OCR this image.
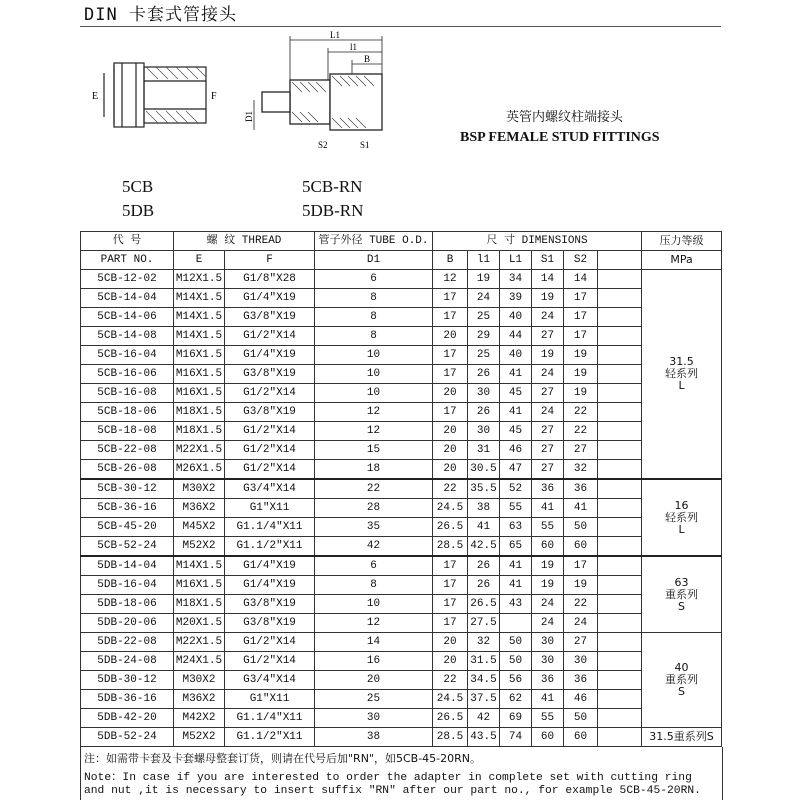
DIN 卡套式管接头
E	F
L1
l1
B
D1
S2	S1
5CB
5DB
5CB-RN
5DB-RN
英管内螺纹柱端接头
BSP FEMALE STUD FITTINGS
代 号	螺 纹 THREAD		管子外径 TUBE O.D.	尺 寸 DIMENSIONS						压力等级
PART NO.	E	F	D1	B	l1	L1	S1	S2		MPa
5CB-12-02	M12X1.5	G1/8"X28	6	12	19	34	14	14		31.5
轻系列
L
5CB-14-04	M14X1.5	G1/4"X19	8	17	24	39	19	17		
5CB-14-06	M14X1.5	G3/8"X19	8	17	25	40	24	17		
5CB-14-08	M14X1.5	G1/2"X14	8	20	29	44	27	17		
5CB-16-04	M16X1.5	G1/4"X19	10	17	25	40	19	19		
5CB-16-06	M16X1.5	G3/8"X19	10	17	26	41	24	19		
5CB-16-08	M16X1.5	G1/2"X14	10	20	30	45	27	19		
5CB-18-06	M18X1.5	G3/8"X19	12	17	26	41	24	22		
5CB-18-08	M18X1.5	G1/2"X14	12	20	30	45	27	22		
5CB-22-08	M22X1.5	G1/2"X14	15	20	31	46	27	27		
5CB-26-08	M26X1.5	G1/2"X14	18	20	30.5	47	27	32		
5CB-30-12	M30X2	G3/4"X14	22	22	35.5	52	36	36		16
轻系列
L
5CB-36-16	M36X2	G1"X11	28	24.5	38	55	41	41		
5CB-45-20	M45X2	G1.1/4"X11	35	26.5	41	63	55	50		
5CB-52-24	M52X2	G1.1/2"X11	42	28.5	42.5	65	60	60		
5DB-14-04	M14X1.5	G1/4"X19	6	17	26	41	19	17		63
重系列
S
5DB-16-04	M16X1.5	G1/4"X19	8	17	26	41	19	19		
5DB-18-06	M18X1.5	G3/8"X19	10	17	26.5	43	24	22		
5DB-20-06	M20X1.5	G3/8"X19	12	17	27.5		24	24		
5DB-22-08	M22X1.5	G1/2"X14	14	20	32	50	30	27		40
重系列
S
5DB-24-08	M24X1.5	G1/2"X14	16	20	31.5	50	30	30		
5DB-30-12	M30X2	G3/4"X14	20	22	34.5	56	36	36		
5DB-36-16	M36X2	G1"X11	25	24.5	37.5	62	41	46		
5DB-42-20	M42X2	G1.1/4"X11	30	26.5	42	69	55	50		
5DB-52-24	M52X2	G1.1/2"X11	38	28.5	43.5	74	60	60		31.5重系列S
注：如需带卡套及卡套螺母整套订货，则请在代号后加"RN"，如5CB-45-20RN。
Note：In case if you are interested to order the adapter in complete set with cutting ring
and nut ,it is necessary to insert suffix "RN" after our part no., for example 5CB-45-20RN.
